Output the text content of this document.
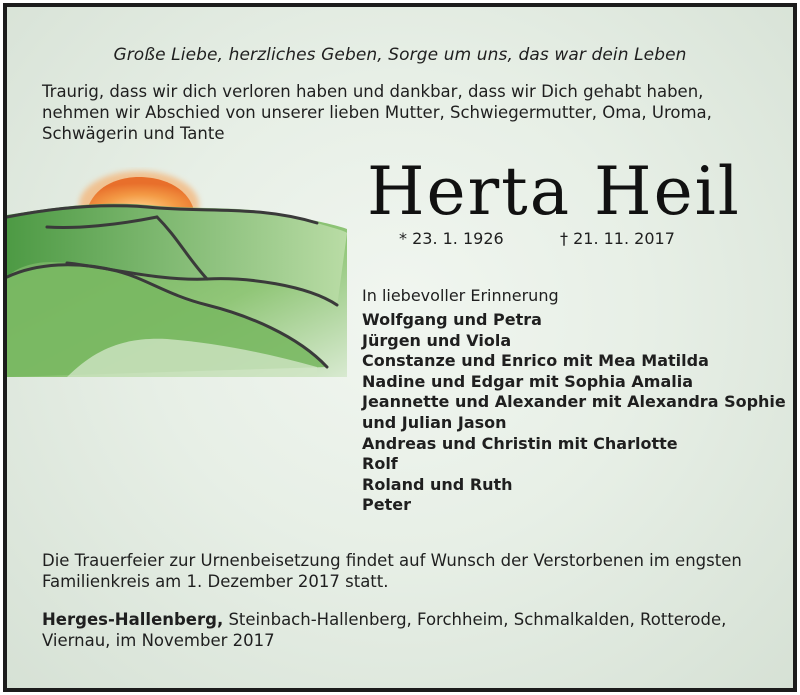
Große Liebe, herzliches Geben, Sorge um uns, das war dein Leben
Traurig, dass wir dich verloren haben und dankbar, dass wir Dich gehabt haben, nehmen wir Abschied von unserer lieben Mutter, Schwiegermutter, Oma, Uroma, Schwägerin und Tante
Herta Heil
* 23. 1. 1926	† 21. 11. 2017
In liebevoller Erinnerung
Wolfgang und Petra
Jürgen und Viola
Constanze und Enrico mit Mea Matilda
Nadine und Edgar mit Sophia Amalia
Jeannette und Alexander mit Alexandra Sophie
und Julian Jason
Andreas und Christin mit Charlotte
Rolf
Roland und Ruth
Peter
Die Trauerfeier zur Urnenbeisetzung findet auf Wunsch der Verstorbenen im engsten Familienkreis am 1. Dezember 2017 statt.
Herges-Hallenberg, Steinbach-Hallenberg, Forchheim, Schmalkalden, Rotterode, Viernau, im November 2017
